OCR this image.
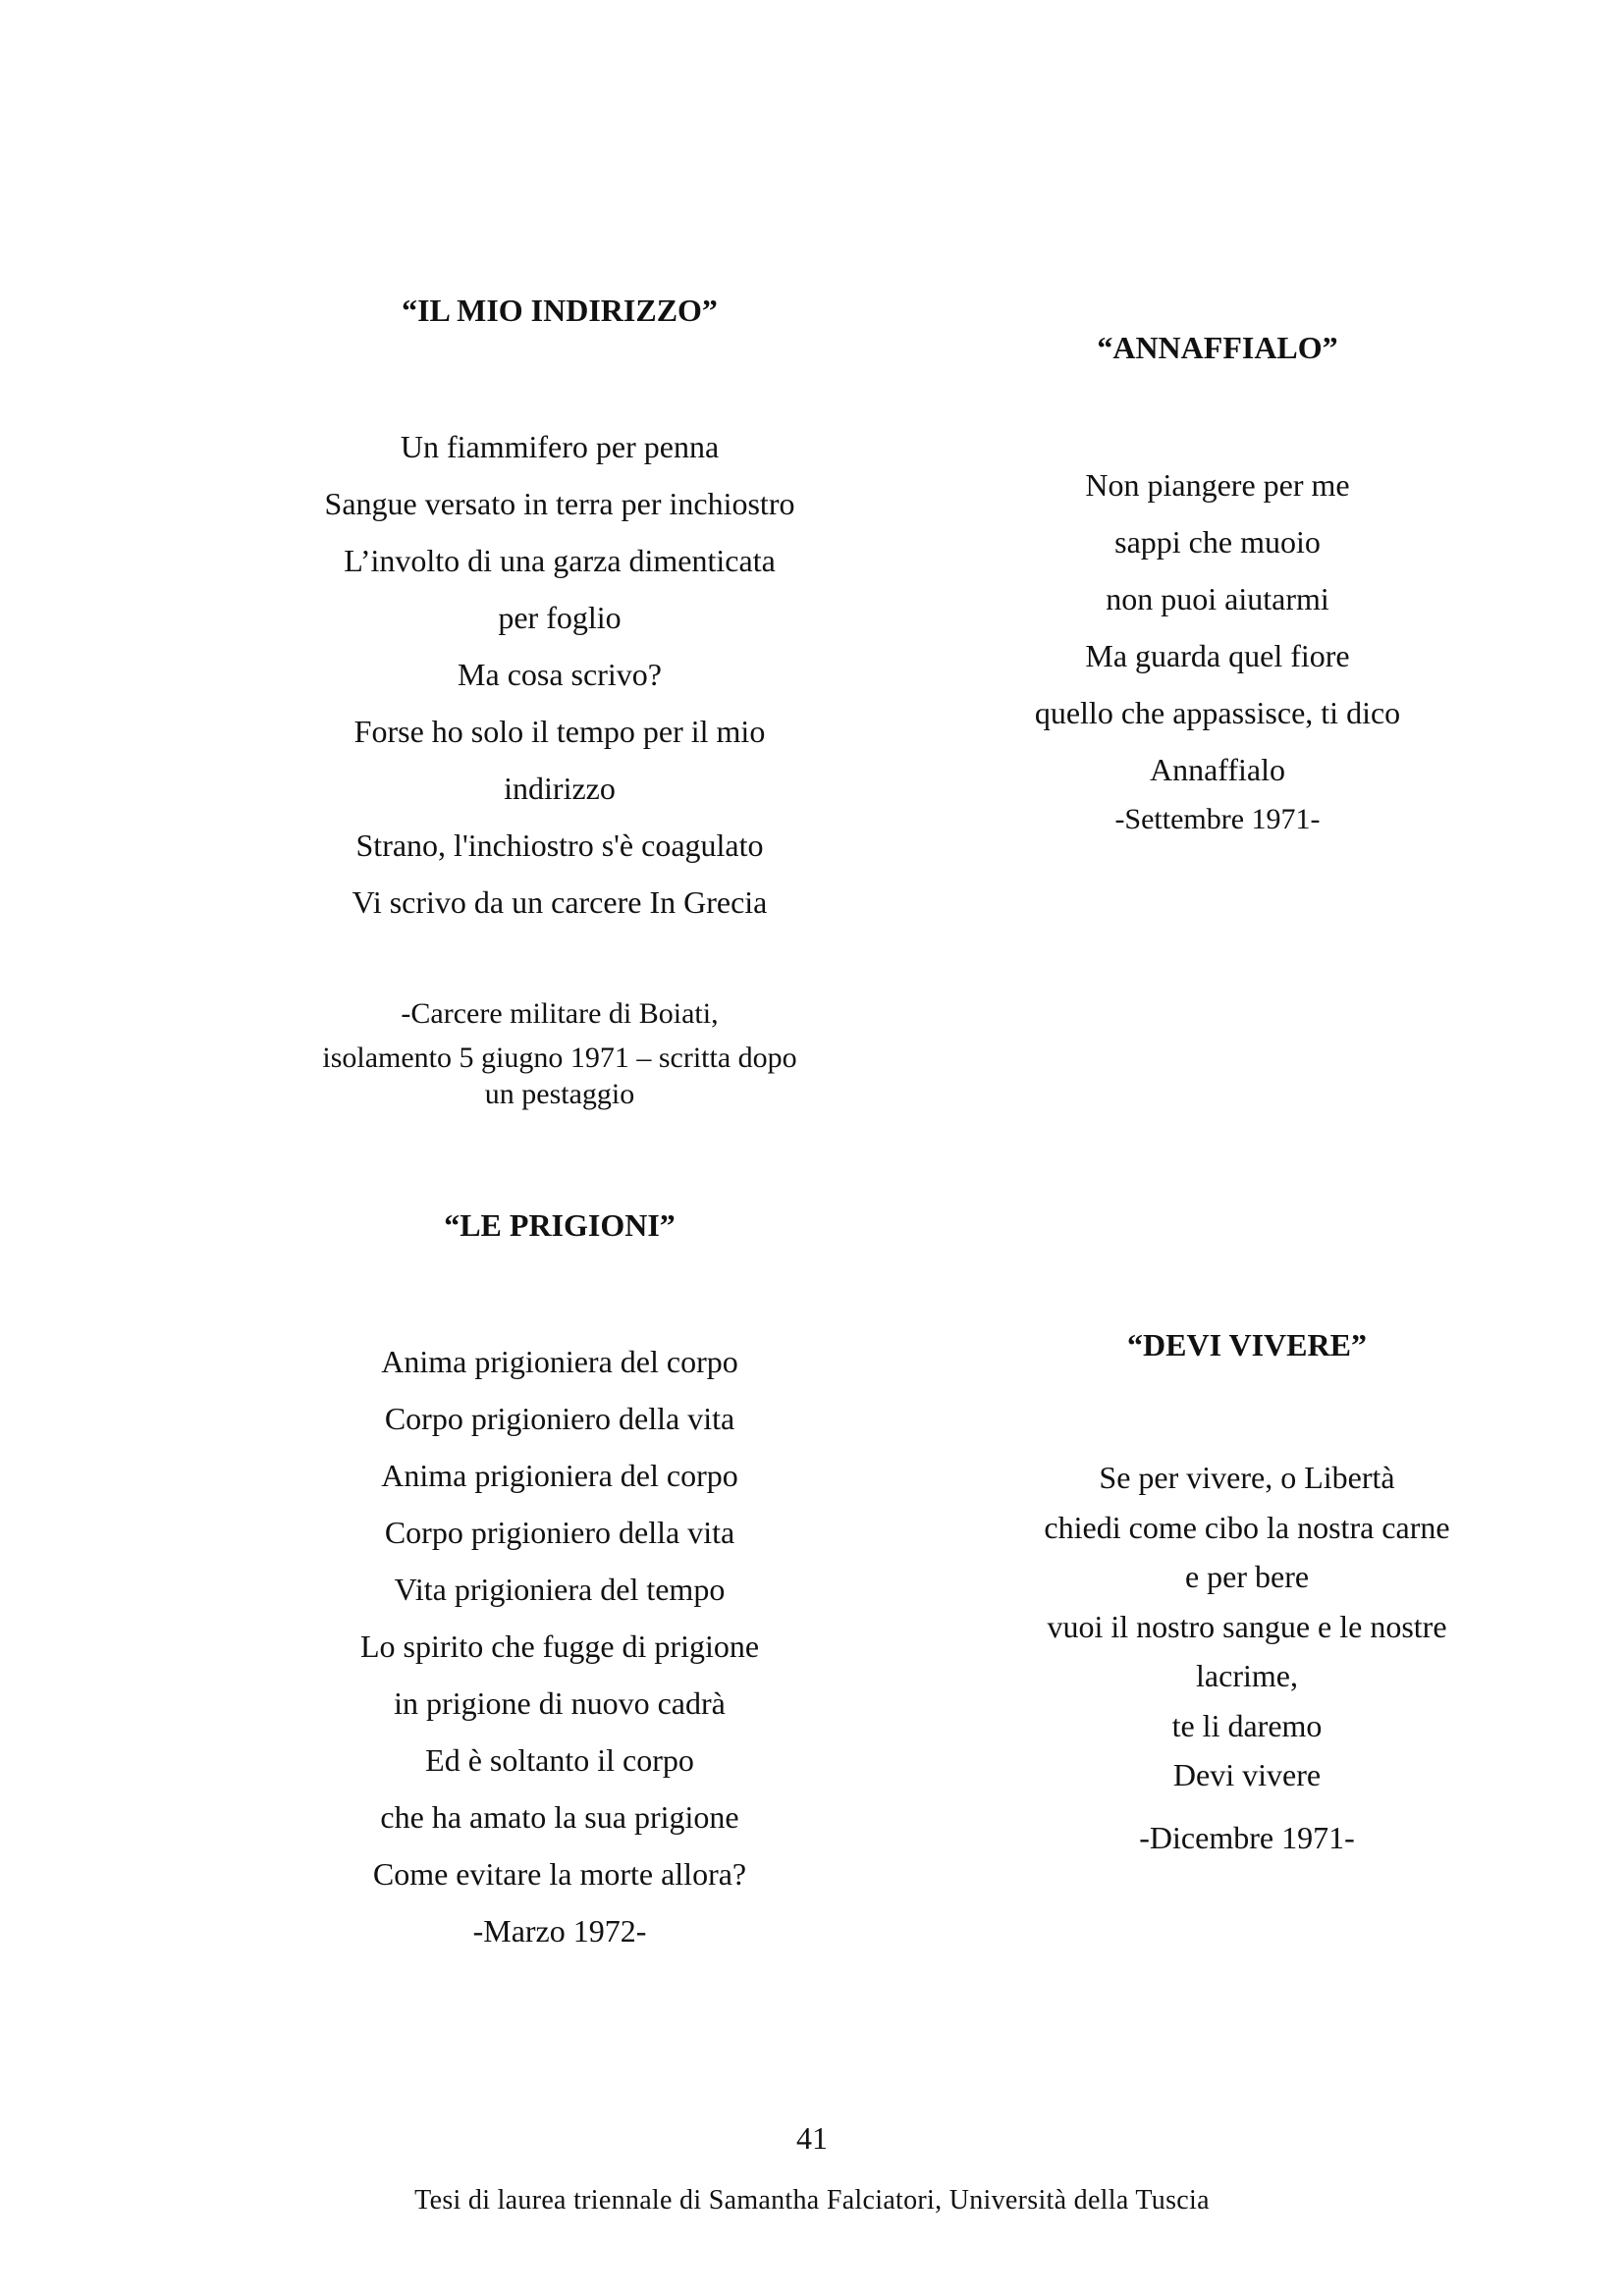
“IL MIO INDIRIZZO”
Un fiammifero per penna
Sangue versato in terra per inchiostro
L’involto di una garza dimenticata
per foglio
Ma cosa scrivo?
Forse ho solo il tempo per il mio
indirizzo
Strano, l'inchiostro s'è coagulato
Vi scrivo da un carcere In Grecia

-Carcere militare di Boiati,

isolamento 5 giugno 1971 – scritta dopo

un pestaggio

“ANNAFFIALO”
Non piangere per me
sappi che muoio
non puoi aiutarmi
Ma guarda quel fiore
quello che appassisce, ti dico
Annaffialo

-Settembre 1971-

“LE PRIGIONI”
Anima prigioniera del corpo
Corpo prigioniero della vita
Anima prigioniera del corpo
Corpo prigioniero della vita
Vita prigioniera del tempo
Lo spirito che fugge di prigione
in prigione di nuovo cadrà
Ed è soltanto il corpo
che ha amato la sua prigione
Come evitare la morte allora?

-Marzo 1972-

“DEVI VIVERE”
Se per vivere, o Libertà
chiedi come cibo la nostra carne
e per bere
vuoi il nostro sangue e le nostre
lacrime,
te li daremo
Devi vivere

-Dicembre 1971-

41
Tesi di laurea triennale di Samantha Falciatori, Università della Tuscia
